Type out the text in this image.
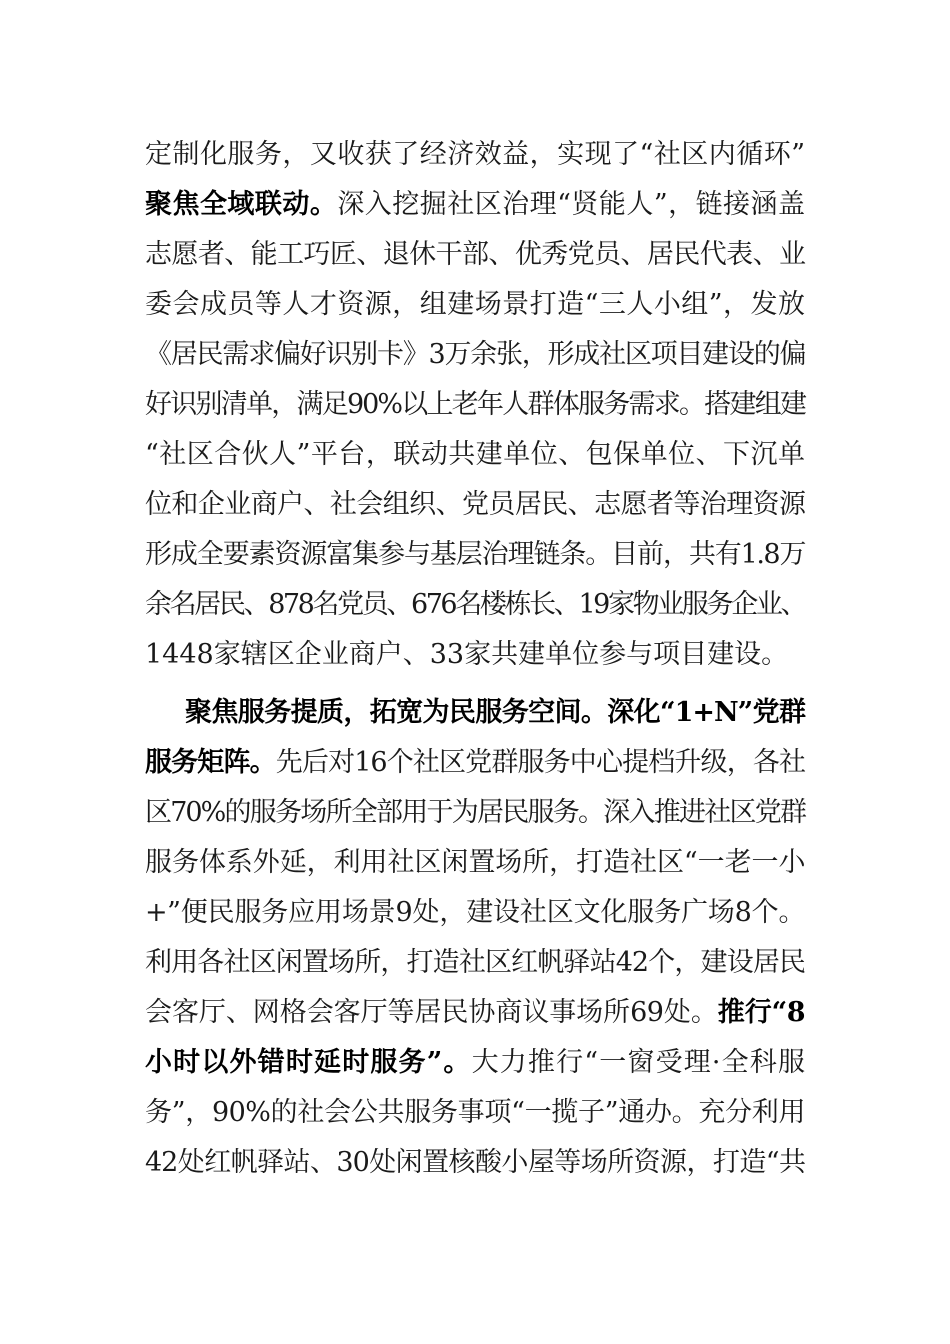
定制化服务，又收获了经济效益，实现了“社区内循环”
聚焦全域联动。深入挖掘社区治理“贤能人”，链接涵盖
志愿者、能工巧匠、退休干部、优秀党员、居民代表、业
委会成员等人才资源，组建场景打造“三人小组”，发放
《居民需求偏好识别卡》3万余张，形成社区项目建设的偏
好识别清单，满足90%以上老年人群体服务需求。搭建组建
“社区合伙人”平台，联动共建单位、包保单位、下沉单
位和企业商户、社会组织、党员居民、志愿者等治理资源
形成全要素资源富集参与基层治理链条。目前，共有1.8万
余名居民、878名党员、676名楼栋长、19家物业服务企业、
1448家辖区企业商户、33家共建单位参与项目建设。
聚焦服务提质，拓宽为民服务空间。深化“1+N”党群
服务矩阵。先后对16个社区党群服务中心提档升级，各社
区70%的服务场所全部用于为居民服务。深入推进社区党群
服务体系外延，利用社区闲置场所，打造社区“一老一小
+”便民服务应用场景9处，建设社区文化服务广场8个。
利用各社区闲置场所，打造社区红帆驿站42个，建设居民
会客厅、网格会客厅等居民协商议事场所69处。推行“8
小时以外错时延时服务”。大力推行“一窗受理·全科服
务”，90%的社会公共服务事项“一揽子”通办。充分利用
42处红帆驿站、30处闲置核酸小屋等场所资源，打造“共
